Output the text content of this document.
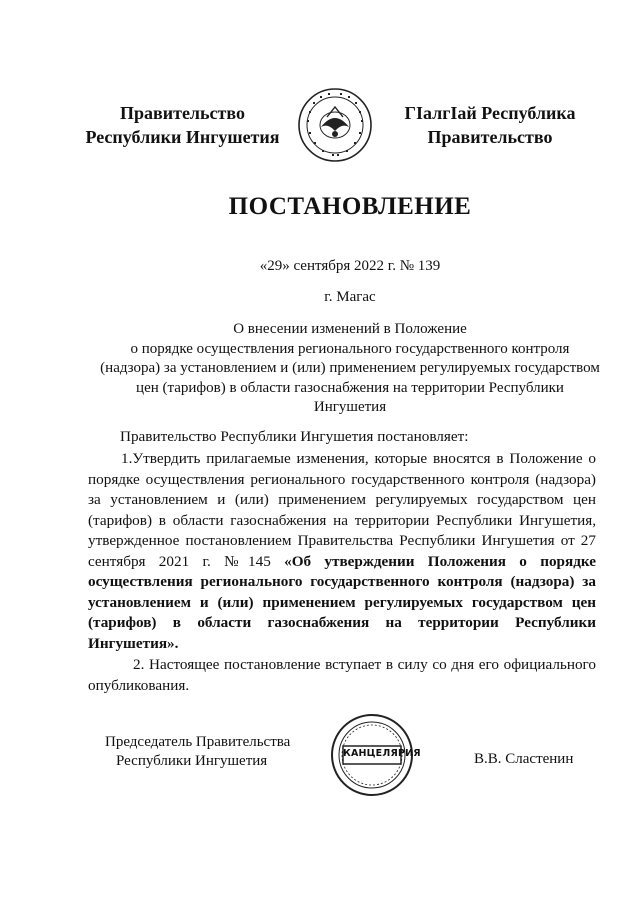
Правительство
Республики Ингушетия
ГIалгIай Республика
Правительство
ПОСТАНОВЛЕНИЕ
«29» сентября 2022 г. № 139
г. Магас
О внесении изменений в Положение
о порядке осуществления регионального государственного контроля
(надзора) за установлением и (или) применением регулируемых государством
цен (тарифов) в области газоснабжения на территории Республики
Ингушетия
Правительство Республики Ингушетия постановляет:

1.Утвердить прилагаемые изменения, которые вносятся в Положение о порядке осуществления регионального государственного контроля (надзора) за установлением и (или) применением регулируемых государством цен (тарифов) в области газоснабжения на территории Республики Ингушетия, утвержденное постановлением Правительства Республики Ингушетия от 27 сентября 2021 г. №145 «Об утверждении Положения о порядке осуществления регионального государственного контроля (надзора) за установлением и (или) применением регулируемых государством цен (тарифов) в области газоснабжения на территории Республики Ингушетия».

2. Настоящее постановление вступает в силу со дня его официального опубликования.

Председатель Правительства
Республики Ингушетия	КАНЦЕЛЯРИЯ	В.В. Сластенин
